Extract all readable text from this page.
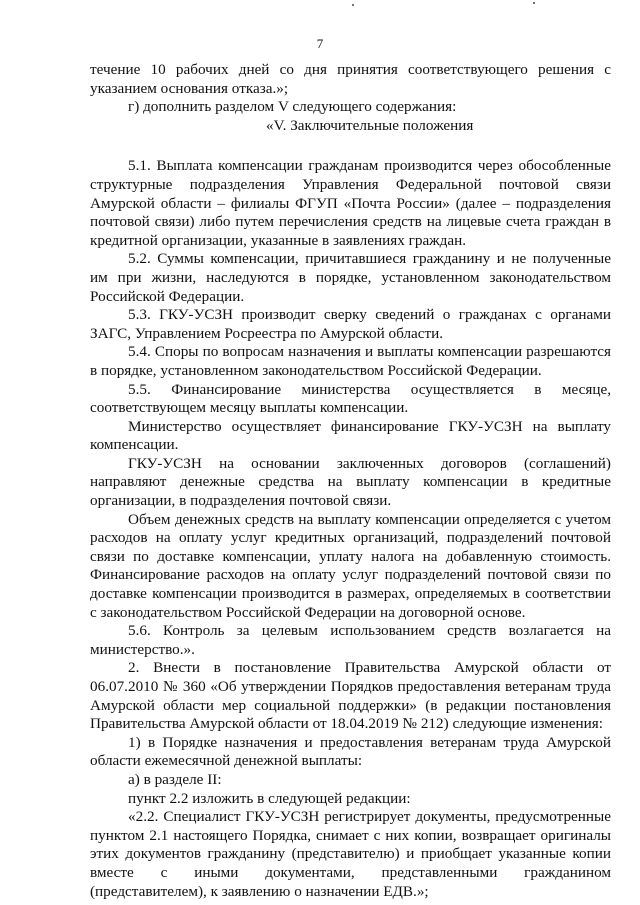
7

течение 10 рабочих дней со дня принятия соответствующего решения с указанием основания отказа.»;

г) дополнить разделом V следующего содержания:

«V. Заключительные положения

5.1. Выплата компенсации гражданам производится через обособленные структурные подразделения Управления Федеральной почтовой связи Амурской области – филиалы ФГУП «Почта России» (далее – подразделения почтовой связи) либо путем перечисления средств на лицевые счета граждан в кредитной организации, указанные в заявлениях граждан.

5.2. Суммы компенсации, причитавшиеся гражданину и не полученные им при жизни, наследуются в порядке, установленном законодательством Российской Федерации.

5.3. ГКУ-УСЗН производит сверку сведений о гражданах с органами ЗАГС, Управлением Росреестра по Амурской области.

5.4. Споры по вопросам назначения и выплаты компенсации разрешаются в порядке, установленном законодательством Российской Федерации.

5.5. Финансирование министерства осуществляется в месяце, соответствующем месяцу выплаты компенсации.

Министерство осуществляет финансирование ГКУ-УСЗН на выплату компенсации.

ГКУ-УСЗН на основании заключенных договоров (соглашений) направляют денежные средства на выплату компенсации в кредитные организации, в подразделения почтовой связи.

Объем денежных средств на выплату компенсации определяется с учетом расходов на оплату услуг кредитных организаций, подразделений почтовой связи по доставке компенсации, уплату налога на добавленную стоимость. Финансирование расходов на оплату услуг подразделений почтовой связи по доставке компенсации производится в размерах, определяемых в соответствии с законодательством Российской Федерации на договорной основе.

5.6. Контроль за целевым использованием средств возлагается на министерство.».

2. Внести в постановление Правительства Амурской области от 06.07.2010 № 360 «Об утверждении Порядков предоставления ветеранам труда Амурской области мер социальной поддержки» (в редакции постановления Правительства Амурской области от 18.04.2019 № 212) следующие изменения:

1) в Порядке назначения и предоставления ветеранам труда Амурской области ежемесячной денежной выплаты:

а) в разделе II:

пункт 2.2 изложить в следующей редакции:

«2.2. Специалист ГКУ-УСЗН регистрирует документы, предусмотренные пунктом 2.1 настоящего Порядка, снимает с них копии, возвращает оригиналы этих документов гражданину (представителю) и приобщает указанные копии вместе с иными документами, представленными гражданином (представителем), к заявлению о назначении ЕДВ.»;
